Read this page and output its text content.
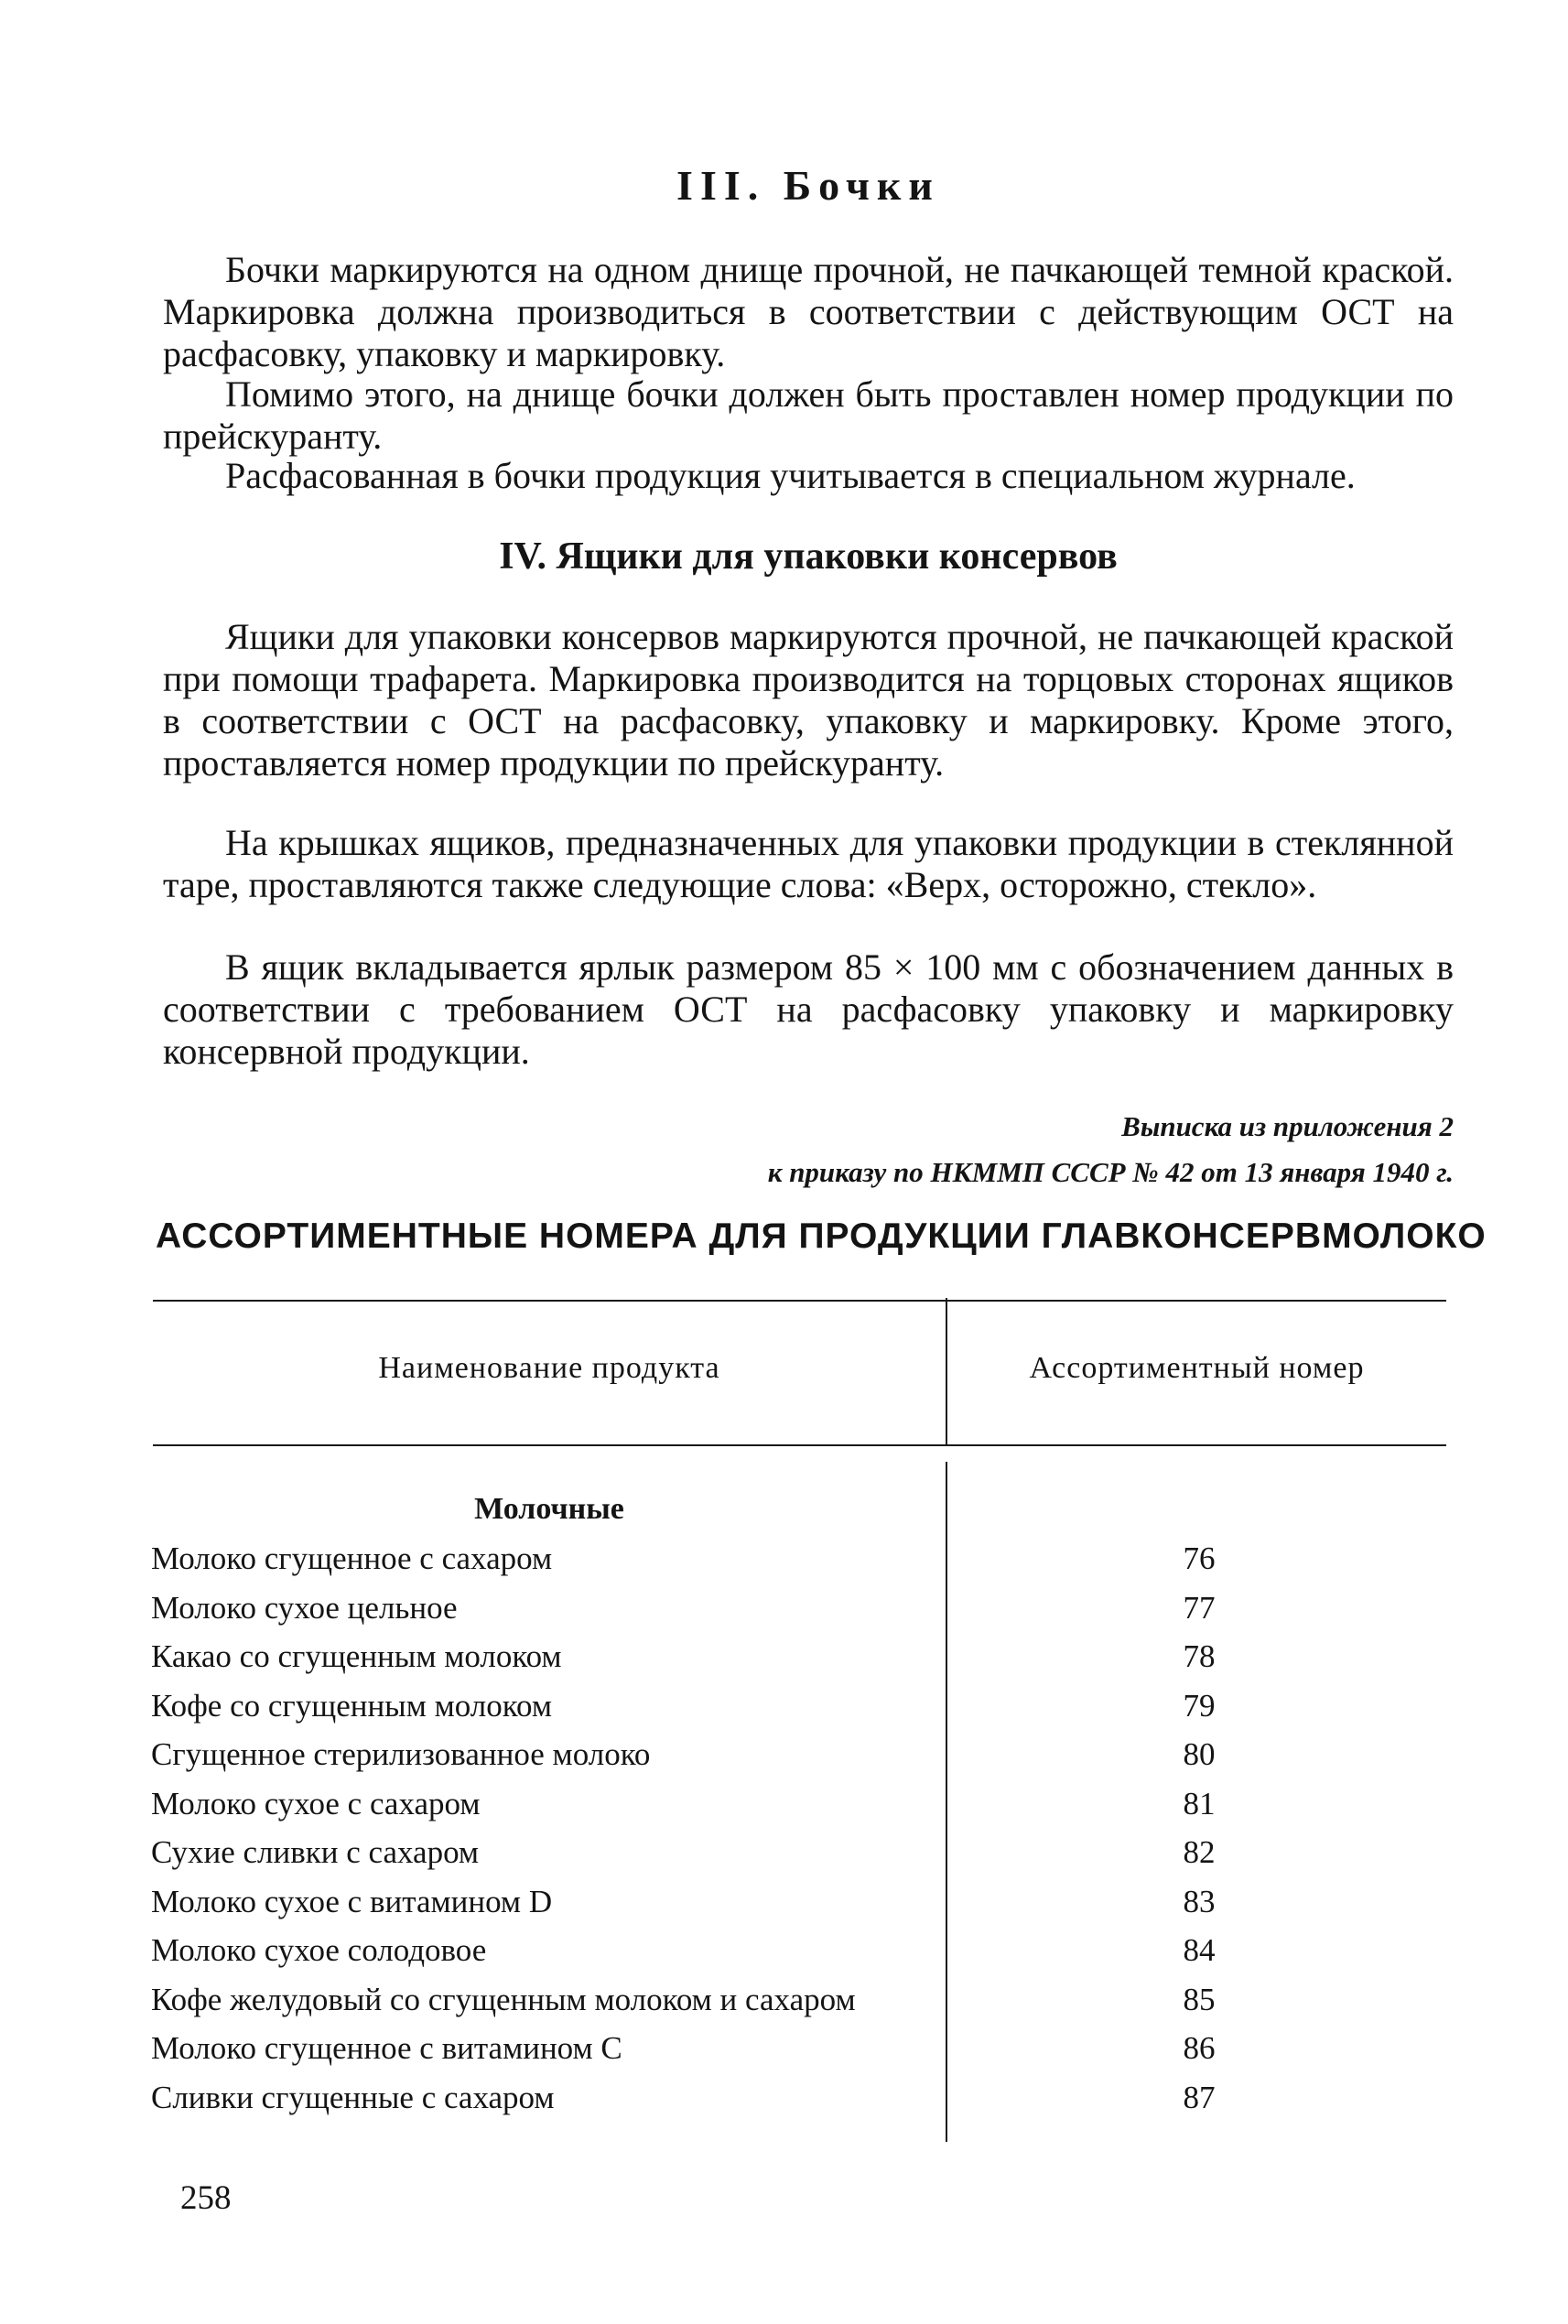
III. Бочки

Бочки маркируются на одном днище прочной, не пачкающей темной краской. Маркировка должна производиться в соответствии с действующим ОСТ на расфасовку, упаковку и маркировку.

Помимо этого, на днище бочки должен быть проставлен номер продукции по прейскуранту.

Расфасованная в бочки продукция учитывается в специальном журнале.

IV. Ящики для упаковки консервов

Ящики для упаковки консервов маркируются прочной, не пачкающей краской при помощи трафарета. Маркировка производится на торцовых сторонах ящиков в соответствии с ОСТ на расфасовку, упаковку и маркировку. Кроме этого, проставляется номер продукции по прейскуранту.

На крышках ящиков, предназначенных для упаковки продукции в стеклянной таре, проставляются также следующие слова: «Верх, осторожно, стекло».

В ящик вкладывается ярлык размером 85 × 100 мм с обозначением данных в соответствии с требованием ОСТ на расфасовку упаковку и маркировку консервной продукции.

Выписка из приложения 2
к приказу по НКММП СССР № 42 от 13 января 1940 г.
АССОРТИМЕНТНЫЕ НОМЕРА ДЛЯ ПРОДУКЦИИ ГЛАВКОНСЕРВМОЛОКО
Наименование продукта	Ассортиментный номер
Молочные
Молоко сгущенное с сахаром	76
Молоко сухое цельное	77
Какао со сгущенным молоком	78
Кофе со сгущенным молоком	79
Сгущенное стерилизованное молоко	80
Молоко сухое с сахаром	81
Сухие сливки с сахаром	82
Молоко сухое с витамином D	83
Молоко сухое солодовое	84
Кофе желудовый со сгущенным молоком и сахаром	85
Молоко сгущенное с витамином С	86
Сливки сгущенные с сахаром	87
258
